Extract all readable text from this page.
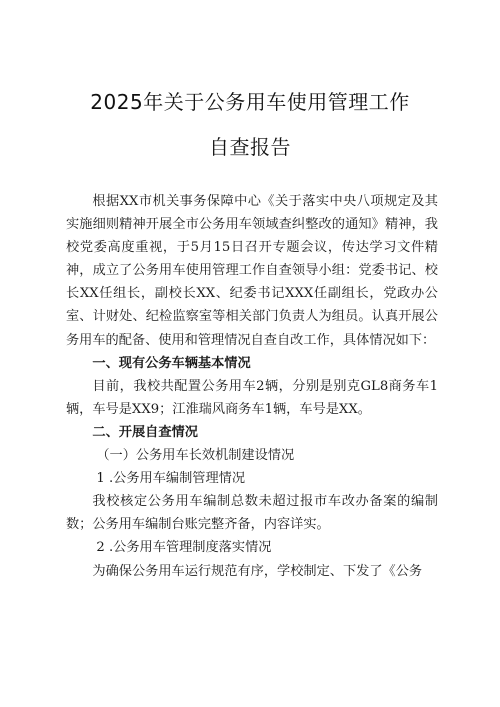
2025年关于公务用车使用管理工作
自查报告

根据XX市机关事务保障中心《关于落实中央八项规定及其实施细则精神开展全市公务用车领域查纠整改的通知》精神，我校党委高度重视，于5月15日召开专题会议，传达学习文件精神，成立了公务用车使用管理工作自查领导小组：党委书记、校长XX任组长，副校长XX、纪委书记XXX任副组长，党政办公室、计财处、纪检监察室等相关部门负责人为组员。认真开展公务用车的配备、使用和管理情况自查自改工作，具体情况如下：

一、现有公务车辆基本情况

目前，我校共配置公务用车2辆，分别是别克GL8商务车1辆，车号是XX9；江淮瑞风商务车1辆，车号是XX。

二、开展自查情况

（一）公务用车长效机制建设情况

1 .公务用车编制管理情况

我校核定公务用车编制总数未超过报市车改办备案的编制数；公务用车编制台账完整齐备，内容详实。

2 .公务用车管理制度落实情况

为确保公务用车运行规范有序，学校制定、下发了《公务
